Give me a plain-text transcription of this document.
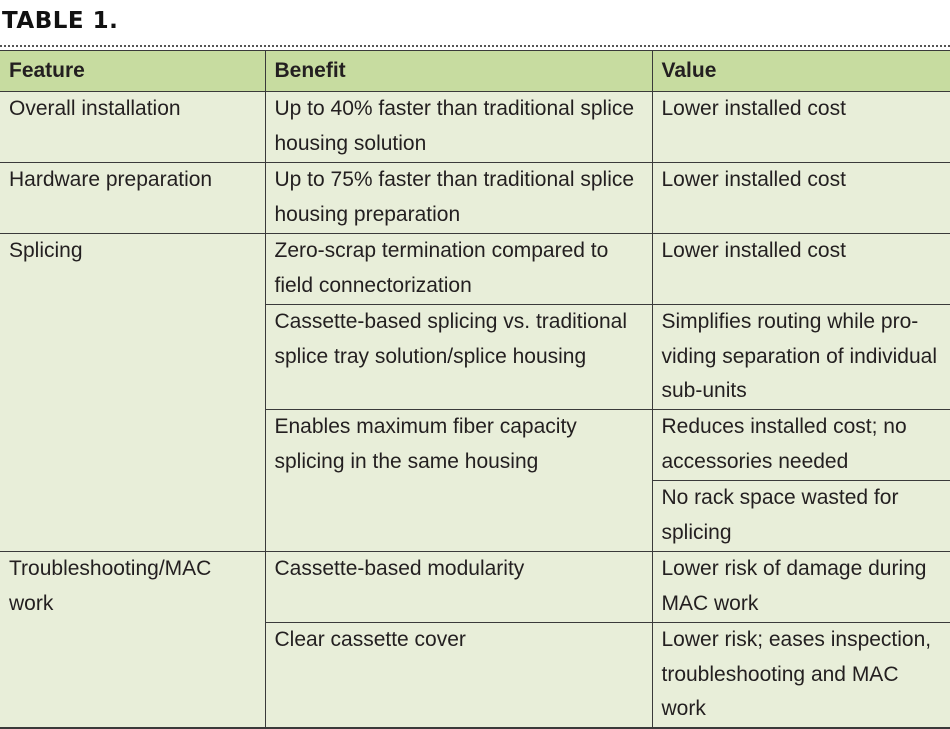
TABLE 1.
Feature	Benefit	Value
Overall installation	Up to 40% faster than traditional splice housing solution	Lower installed cost
Hardware preparation	Up to 75% faster than traditional splice housing preparation	Lower installed cost
Splicing	Zero-scrap termination compared to field connectorization	Lower installed cost
	Cassette-based splicing vs. traditional splice tray solution/splice housing	Simplifies routing while pro-viding separation of individual sub-units
	Enables maximum fiber capacity splicing in the same housing	Reduces installed cost; no accessories needed
		No rack space wasted for splicing
Troubleshooting/MAC work	Cassette-based modularity	Lower risk of damage during MAC work
	Clear cassette cover	Lower risk; eases inspection, troubleshooting and MAC work
